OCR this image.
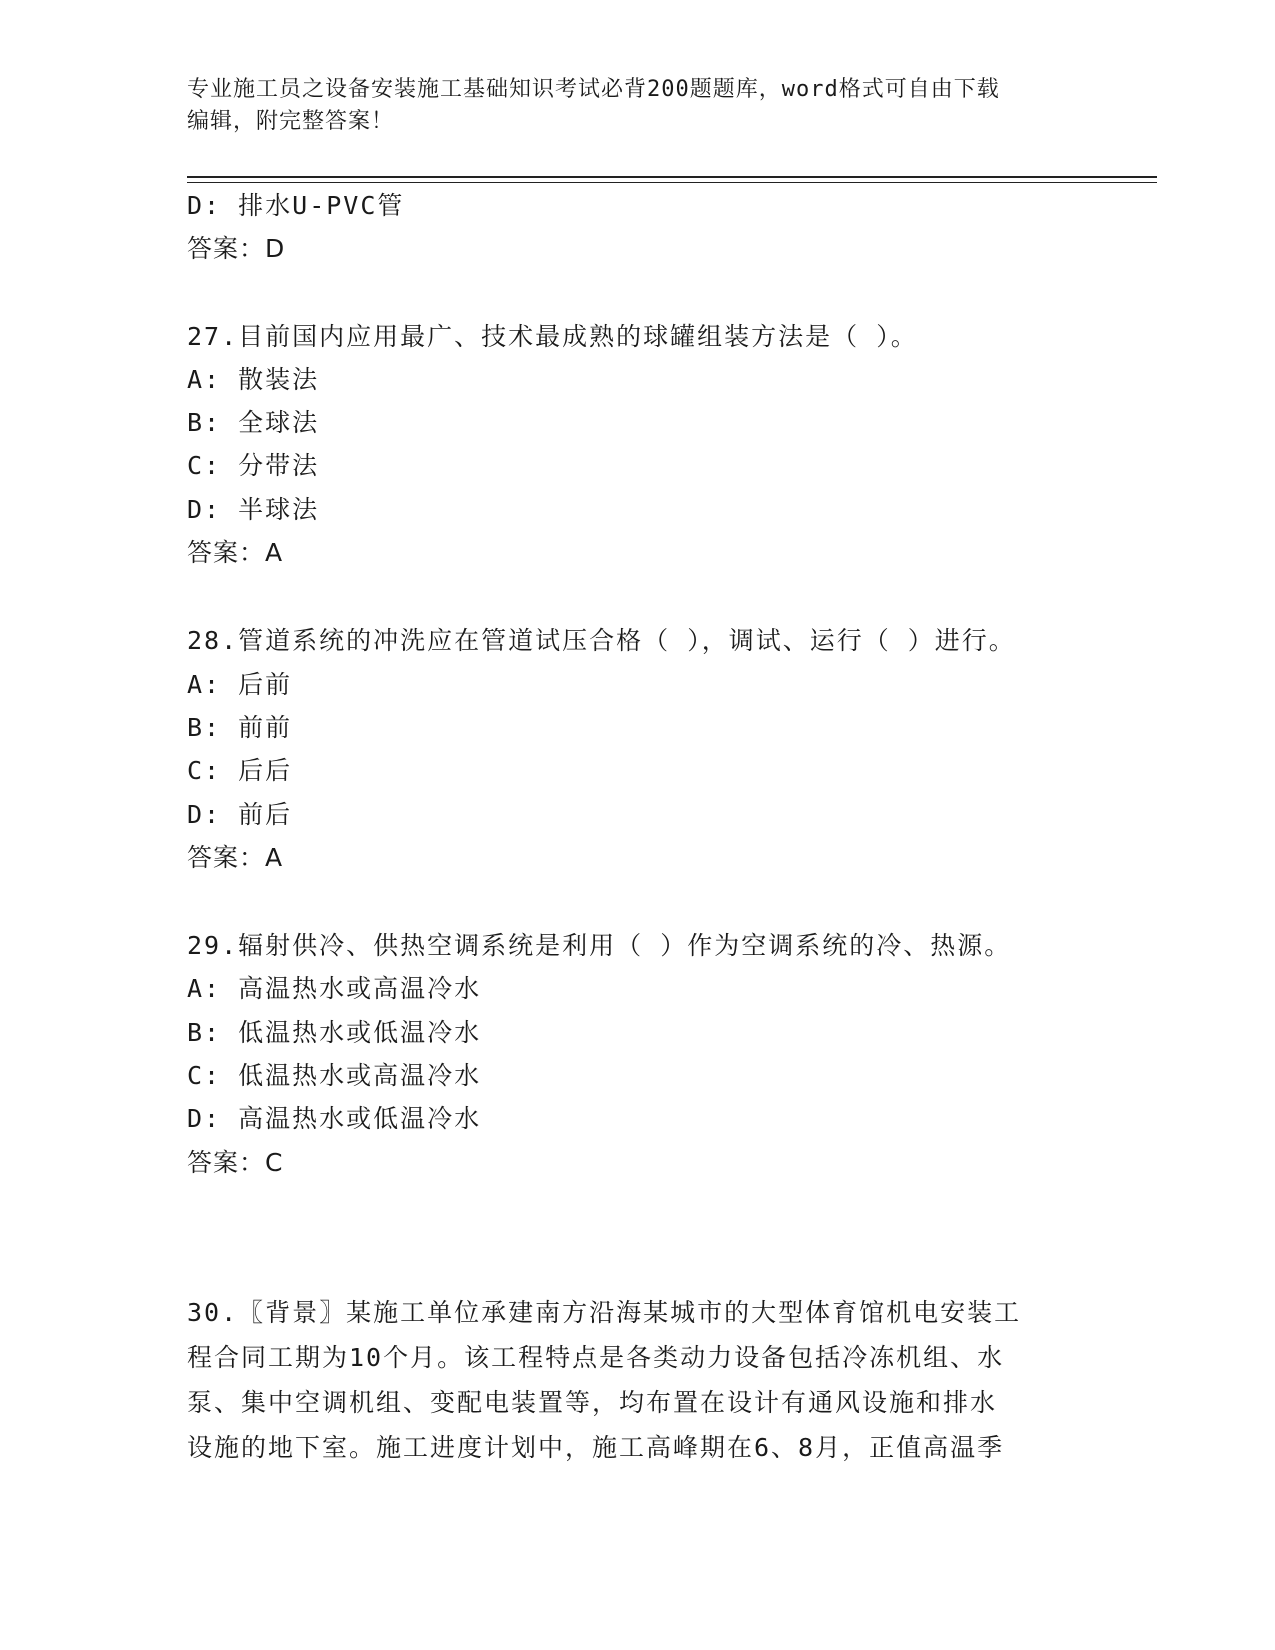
专业施工员之设备安装施工基础知识考试必背200题题库，word格式可自由下载
编辑，附完整答案！
D: 排水U-PVC管
答案：D
27.目前国内应用最广、技术最成熟的球罐组装方法是（ ）。
A: 散装法
B: 全球法
C: 分带法
D: 半球法
答案：A
28.管道系统的冲洗应在管道试压合格（ ），调试、运行（ ）进行。
A: 后前
B: 前前
C: 后后
D: 前后
答案：A
29.辐射供冷、供热空调系统是利用（ ）作为空调系统的冷、热源。
A: 高温热水或高温冷水
B: 低温热水或低温冷水
C: 低温热水或高温冷水
D: 高温热水或低温冷水
答案：C
30.〖背景〗某施工单位承建南方沿海某城市的大型体育馆机电安装工
程合同工期为10个月。该工程特点是各类动力设备包括冷冻机组、水
泵、集中空调机组、变配电装置等，均布置在设计有通风设施和排水
设施的地下室。施工进度计划中，施工高峰期在6、8月，正值高温季
